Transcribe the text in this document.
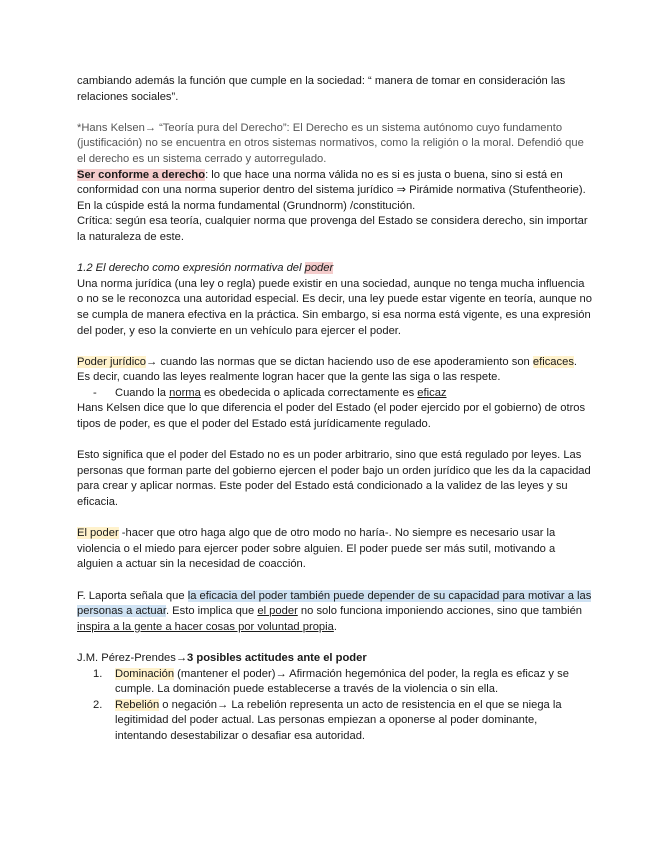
cambiando además la función que cumple en la sociedad: “ manera de tomar en consideración las relaciones sociales”.

*Hans Kelsen→ “Teoría pura del Derecho”: El Derecho es un sistema autónomo cuyo fundamento (justificación) no se encuentra en otros sistemas normativos, como la religión o la moral. Defendió que el derecho es un sistema cerrado y autorregulado.

Ser conforme a derecho: lo que hace una norma válida no es si es justa o buena, sino si está en conformidad con una norma superior dentro del sistema jurídico ⇒ Pirámide normativa (Stufentheorie). En la cúspide está la norma fundamental (Grundnorm) /constitución.

Crítica: según esa teoría, cualquier norma que provenga del Estado se considera derecho, sin importar la naturaleza de este.

1.2 El derecho como expresión normativa del poder

Una norma jurídica (una ley o regla) puede existir en una sociedad, aunque no tenga mucha influencia o no se le reconozca una autoridad especial. Es decir, una ley puede estar vigente en teoría, aunque no se cumpla de manera efectiva en la práctica. Sin embargo, si esa norma está vigente, es una expresión del poder, y eso la convierte en un vehículo para ejercer el poder.

Poder jurídico→ cuando las normas que se dictan haciendo uso de ese apoderamiento son eficaces. Es decir, cuando las leyes realmente logran hacer que la gente las siga o las respete.

-	Cuando la norma es obedecida o aplicada correctamente es eficaz

Hans Kelsen dice que lo que diferencia el poder del Estado (el poder ejercido por el gobierno) de otros tipos de poder, es que el poder del Estado está jurídicamente regulado.

Esto significa que el poder del Estado no es un poder arbitrario, sino que está regulado por leyes. Las personas que forman parte del gobierno ejercen el poder bajo un orden jurídico que les da la capacidad para crear y aplicar normas. Este poder del Estado está condicionado a la validez de las leyes y su eficacia.

El poder -hacer que otro haga algo que de otro modo no haría-. No siempre es necesario usar la violencia o el miedo para ejercer poder sobre alguien. El poder puede ser más sutil, motivando a alguien a actuar sin la necesidad de coacción.

F. Laporta señala que la eficacia del poder también puede depender de su capacidad para motivar a las personas a actuar. Esto implica que el poder no solo funciona imponiendo acciones, sino que también inspira a la gente a hacer cosas por voluntad propia.

J.M. Pérez-Prendes→3 posibles actitudes ante el poder

1.	Dominación (mantener el poder)→ Afirmación hegemónica del poder, la regla es eficaz y se cumple. La dominación puede establecerse a través de la violencia o sin ella.
2.	Rebelión o negación→ La rebelión representa un acto de resistencia en el que se niega la legitimidad del poder actual. Las personas empiezan a oponerse al poder dominante, intentando desestabilizar o desafiar esa autoridad.
